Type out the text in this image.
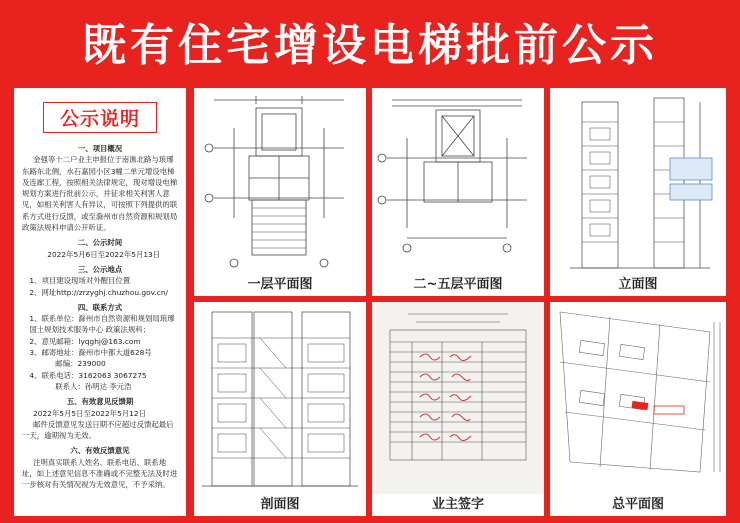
既有住宅增设电梯批前公示
公示说明
一、项目概况
金强等十二户业主申报位于南谯北路与琅琊东路东北侧，水石嘉园小区3幢二单元增设电梯及连廊工程，按照相关法律规定，现对增设电梯规划方案进行批前公示，并征求相关利害人意见，如相关利害人有异议，可按照下列提供的联系方式进行反馈，或至滁州市自然资源和规划局政策法规科申请公开听证。
二、公示时间
2022年5月6日至2022年5月13日
三、公示地点
1、项目建设现场对外醒目位置
2、网址http://zrzyghj.chuzhou.gov.cn/
四、联系方式
1、联系单位：滁州市自然资源和规划局琅琊国土规划技术服务中心 政策法规科；
2、意见邮箱：lyqghj@163.com
3、邮寄地址：滁州市中都大道628号
邮编：239000
4、联系电话：3162063 3067275
联系人：孙明达 李元浩
五、有效意见反馈期
2022年5月5日至2022年5月12日
邮件反馈意见发送日期不应超过反馈起最后一天，逾期视为无效。
六、有效反馈意见
注明真实联系人姓名、联系电话、联系地址，如上述意见信息不准确或不完整无法及时进一步核对有关情况视为无效意见，不予采纳。
一层平面图	二~五层平面图	立面图
剖面图	业主签字	总平面图
